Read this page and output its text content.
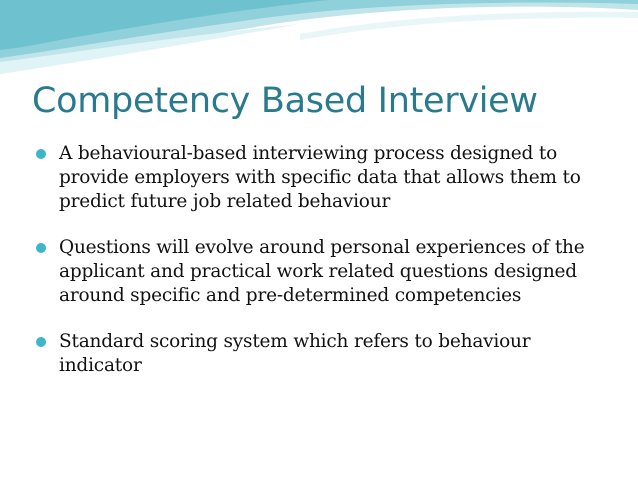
Competency Based Interview
A behavioural-based interviewing process designed to provide employers with specific data that allows them to predict future job related behaviour
Questions will evolve around personal experiences of the applicant and practical work related questions designed around specific and pre-determined competencies
Standard scoring system which refers to behaviour indicator
